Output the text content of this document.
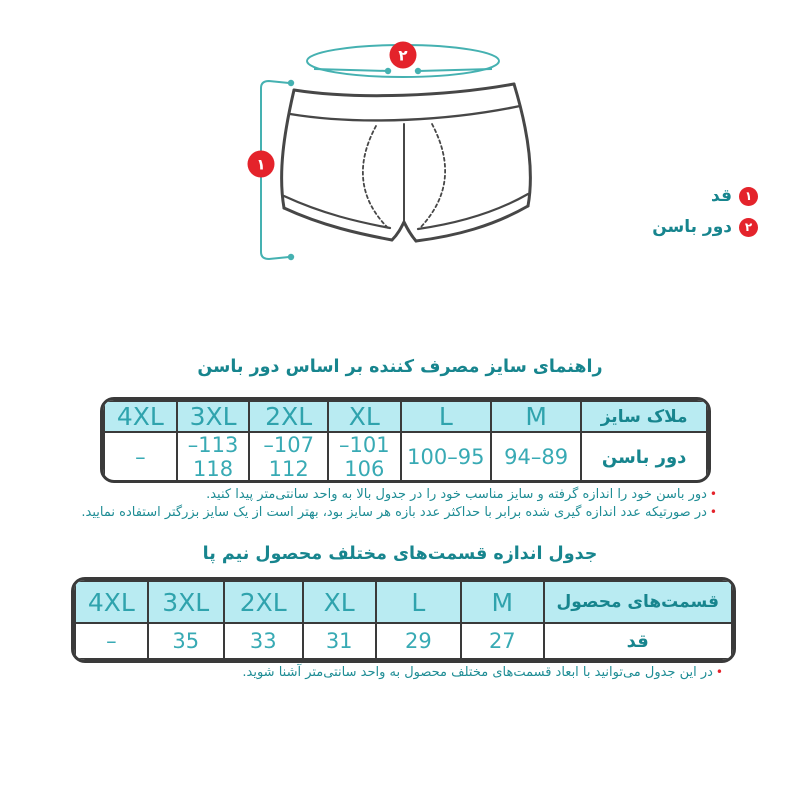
۲
۱
۱
قد
۲
دور باسن
راهنمای سایز مصرف کننده بر اساس دور باسن
ملاک سایز	M	L	XL	2XL	3XL	4XL
دور باسن	89–94	95–100	101–106	107–112	113–118	–
•دور باسن خود را اندازه گرفته و سایز مناسب خود را در جدول بالا به واحد سانتی‌متر پیدا کنید.
•در صورتیکه عدد اندازه گیری شده برابر با حداکثر عدد بازه هر سایز بود، بهتر است از یک سایز بزرگتر استفاده نمایید.
جدول اندازه قسمت‌های مختلف محصول نیم پا
قسمت‌های محصول	M	L	XL	2XL	3XL	4XL
قد	27	29	31	33	35	–
•در این جدول می‌توانید با ابعاد قسمت‌های مختلف محصول به واحد سانتی‌متر آشنا شوید.
